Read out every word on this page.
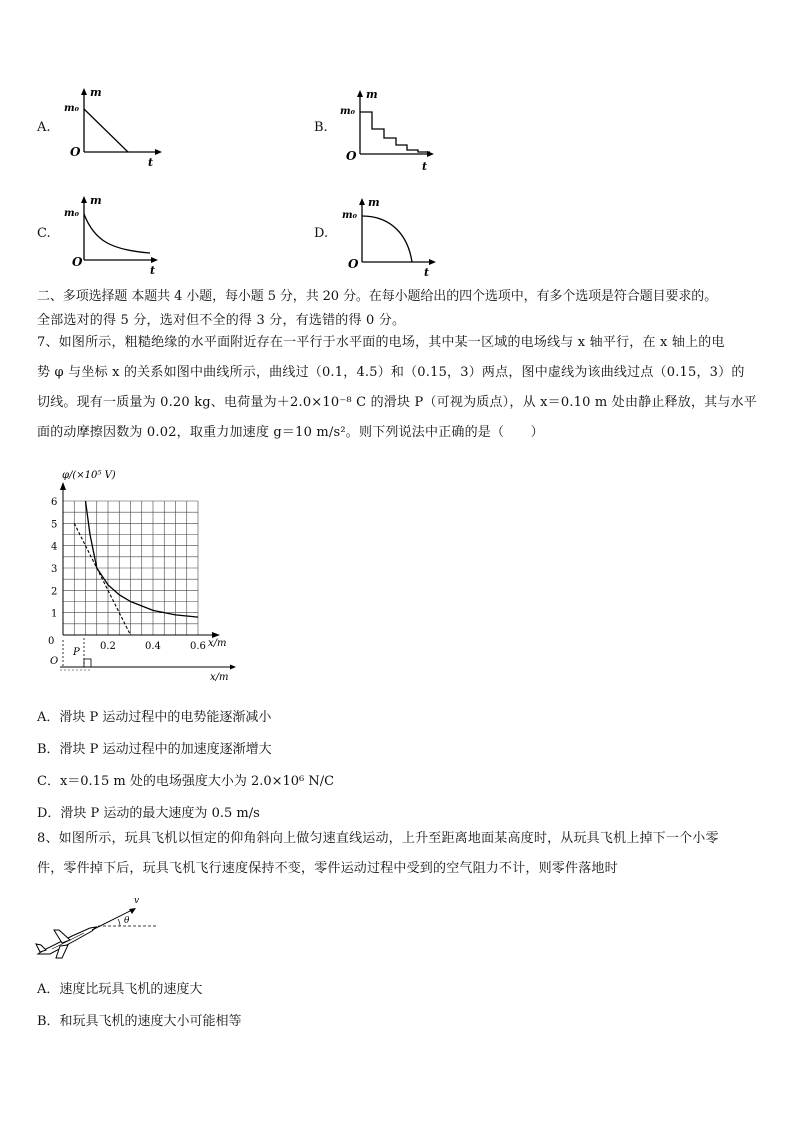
A.
m
m₀
O
t
B.
m
m₀
O
t
C.
m
m₀
O
t
D.
m
m₀
O
t
二、多项选择题 本题共 4 小题，每小题 5 分，共 20 分。在每小题给出的四个选项中，有多个选项是符合题目要求的。
全部选对的得 5 分，选对但不全的得 3 分，有选错的得 0 分。
7、如图所示，粗糙绝缘的水平面附近存在一平行于水平面的电场，其中某一区域的电场线与 x 轴平行，在 x 轴上的电
势 φ 与坐标 x 的关系如图中曲线所示，曲线过（0.1，4.5）和（0.15，3）两点，图中虚线为该曲线过点（0.15，3）的
切线。现有一质量为 0.20 kg、电荷量为＋2.0×10⁻⁸ C 的滑块 P（可视为质点），从 x＝0.10 m 处由静止释放，其与水平
面的动摩擦因数为 0.02，取重力加速度 g＝10 m/s²。则下列说法中正确的是（　　）
φ/(×10⁵ V)
x/m
0
1
2
3
4
5
6
0.2	0.4	0.6
O
P
x/m
A．滑块 P 运动过程中的电势能逐渐减小
B．滑块 P 运动过程中的加速度逐渐增大
C．x＝0.15 m 处的电场强度大小为 2.0×10⁶ N/C
D．滑块 P 运动的最大速度为 0.5 m/s
8、如图所示，玩具飞机以恒定的仰角斜向上做匀速直线运动，上升至距离地面某高度时，从玩具飞机上掉下一个小零
件，零件掉下后，玩具飞机飞行速度保持不变，零件运动过程中受到的空气阻力不计，则零件落地时
θ
v
A．速度比玩具飞机的速度大
B．和玩具飞机的速度大小可能相等
